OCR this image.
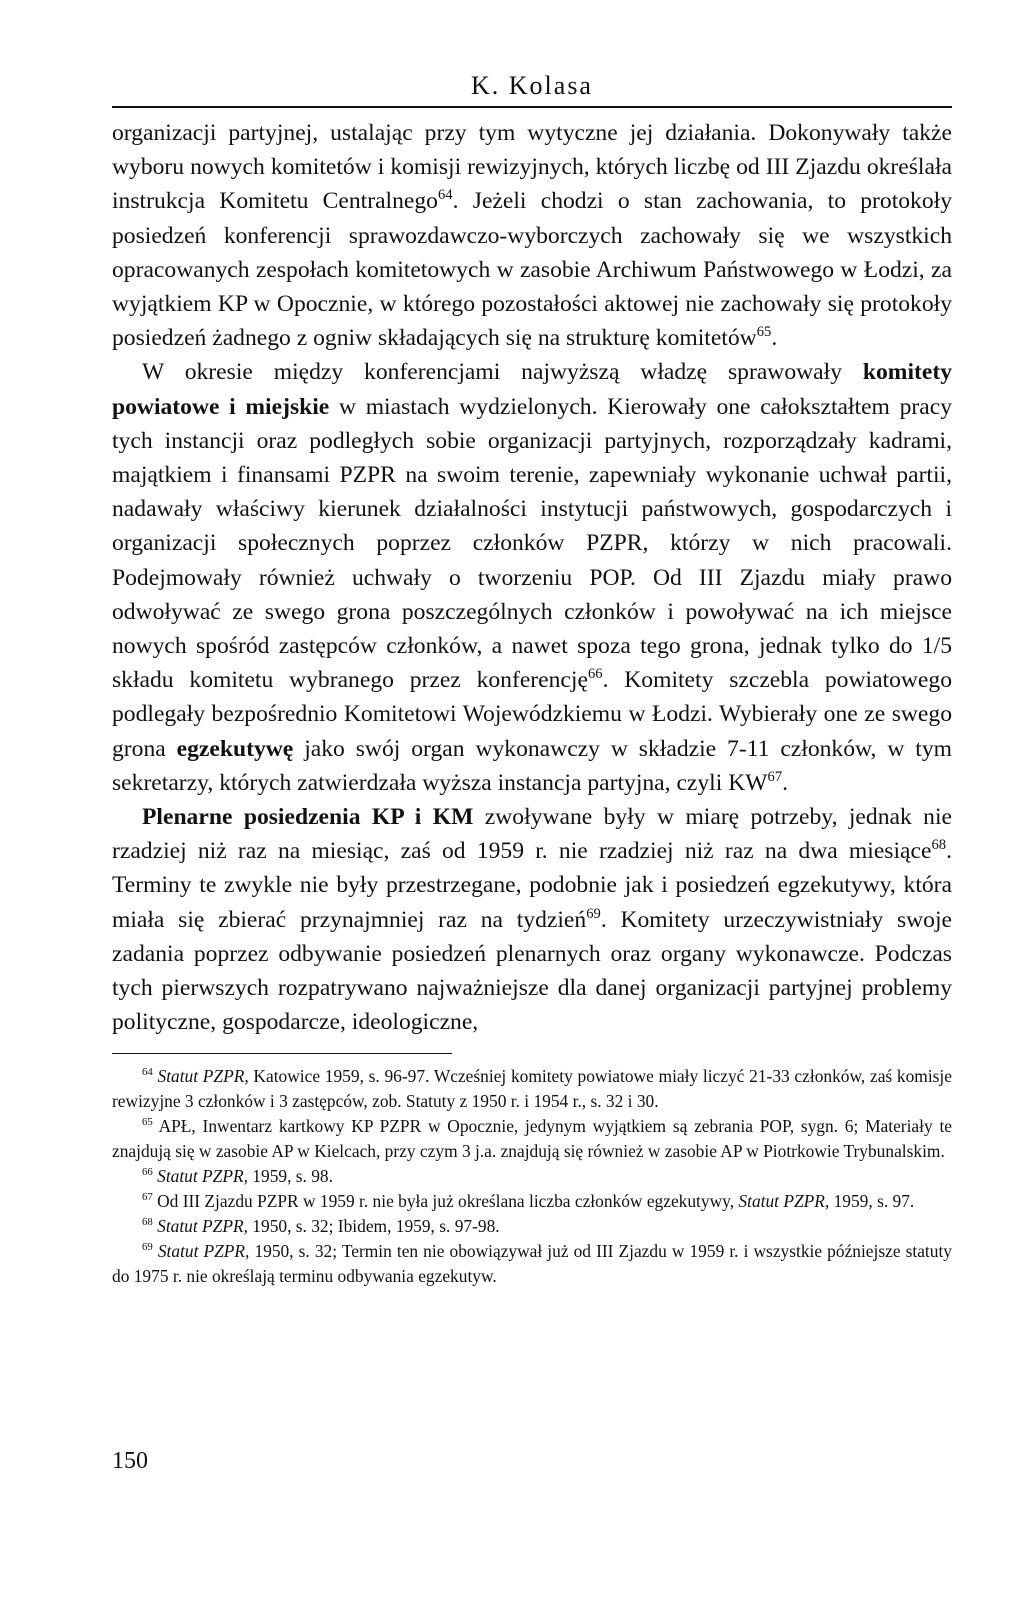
K. Kolasa

organizacji partyjnej, ustalając przy tym wytyczne jej działania. Dokonywały także wyboru nowych komitetów i komisji rewizyjnych, których liczbę od III Zjazdu określała instrukcja Komitetu Centralnego$^{64}$. Jeżeli chodzi o stan zachowania, to protokoły posiedzeń konferencji sprawozdawczo-wyborczych zachowały się we wszystkich opracowanych zespołach komitetowych w zasobie Archiwum Państwowego w Łodzi, za wyjątkiem KP w Opocznie, w którego pozostałości aktowej nie zachowały się protokoły posiedzeń żadnego z ogniw składających się na strukturę komitetów$^{65}$.

W okresie między konferencjami najwyższą władzę sprawowały komitety powiatowe i miejskie w miastach wydzielonych. Kierowały one całokształtem pracy tych instancji oraz podległych sobie organizacji partyjnych, rozporządzały kadrami, majątkiem i finansami PZPR na swoim terenie, zapewniały wykonanie uchwał partii, nadawały właściwy kierunek działalności instytucji państwowych, gospodarczych i organizacji społecznych poprzez członków PZPR, którzy w nich pracowali. Podejmowały również uchwały o tworzeniu POP. Od III Zjazdu miały prawo odwoływać ze swego grona poszczególnych członków i powoływać na ich miejsce nowych spośród zastępców członków, a nawet spoza tego grona, jednak tylko do 1/5 składu komitetu wybranego przez konferencję$^{66}$. Komitety szczebla powiatowego podlegały bezpośrednio Komitetowi Wojewódzkiemu w Łodzi. Wybierały one ze swego grona egzekutywę jako swój organ wykonawczy w składzie 7-11 członków, w tym sekretarzy, których zatwierdzała wyższa instancja partyjna, czyli KW$^{67}$.

Plenarne posiedzenia KP i KM zwoływane były w miarę potrzeby, jednak nie rzadziej niż raz na miesiąc, zaś od 1959 r. nie rzadziej niż raz na dwa miesiące$^{68}$. Terminy te zwykle nie były przestrzegane, podobnie jak i posiedzeń egzekutywy, która miała się zbierać przynajmniej raz na tydzień$^{69}$. Komitety urzeczywistniały swoje zadania poprzez odbywanie posiedzeń plenarnych oraz organy wykonawcze. Podczas tych pierwszych rozpatrywano najważniejsze dla danej organizacji partyjnej problemy polityczne, gospodarcze, ideologiczne,

$^{64}$ Statut PZPR, Katowice 1959, s. 96-97. Wcześniej komitety powiatowe miały liczyć 21-33 członków, zaś komisje rewizyjne 3 członków i 3 zastępców, zob. Statuty z 1950 r. i 1954 r., s. 32 i 30.

$^{65}$ APŁ, Inwentarz kartkowy KP PZPR w Opocznie, jedynym wyjątkiem są zebrania POP, sygn. 6; Materiały te znajdują się w zasobie AP w Kielcach, przy czym 3 j.a. znajdują się również w zasobie AP w Piotrkowie Trybunalskim.

$^{66}$ Statut PZPR, 1959, s. 98.

$^{67}$ Od III Zjazdu PZPR w 1959 r. nie była już określana liczba członków egzekutywy, Statut PZPR, 1959, s. 97.

$^{68}$ Statut PZPR, 1950, s. 32; Ibidem, 1959, s. 97-98.

$^{69}$ Statut PZPR, 1950, s. 32; Termin ten nie obowiązywał już od III Zjazdu w 1959 r. i wszystkie późniejsze statuty do 1975 r. nie określają terminu odbywania egzekutyw.

150
